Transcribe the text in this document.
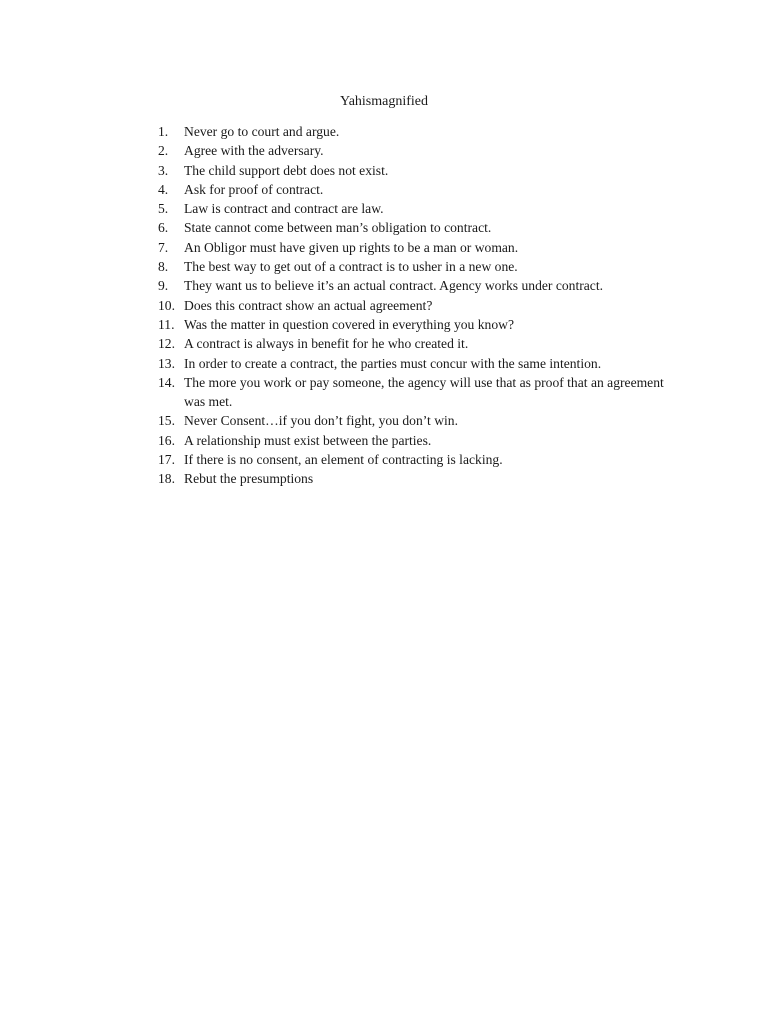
Yahismagnified
1. Never go to court and argue.
2. Agree with the adversary.
3. The child support debt does not exist.
4. Ask for proof of contract.
5. Law is contract and contract are law.
6. State cannot come between man’s obligation to contract.
7. An Obligor must have given up rights to be a man or woman.
8. The best way to get out of a contract is to usher in a new one.
9. They want us to believe it’s an actual contract. Agency works under contract.
10. Does this contract show an actual agreement?
11. Was the matter in question covered in everything you know?
12. A contract is always in benefit for he who created it.
13. In order to create a contract, the parties must concur with the same intention.
14. The more you work or pay someone, the agency will use that as proof that an agreement was met.
15. Never Consent…if you don’t fight, you don’t win.
16. A relationship must exist between the parties.
17. If there is no consent, an element of contracting is lacking.
18. Rebut the presumptions
